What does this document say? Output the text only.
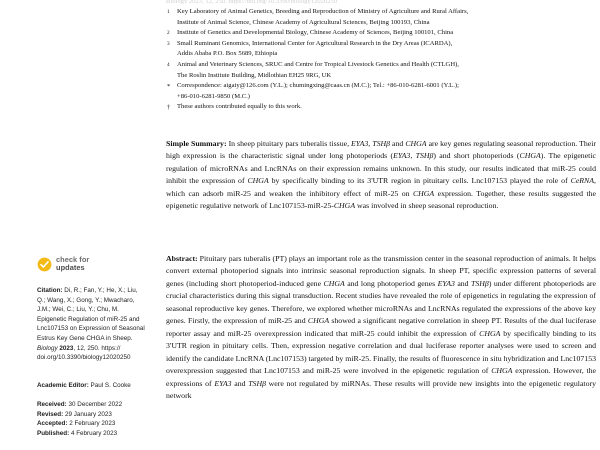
check for
updates
Citation: Di, R.; Fan, Y.; He, X.; Liu,
Q.; Wang, X.; Gong, Y.; Mwacharo,
J.M.; Wei, C.; Liu, Y.; Chu, M.
Epigenetic Regulation of miR-25 and
Lnc107153 on Expression of Seasonal
Estrus Key Gene CHGA in Sheep.
Biology 2023, 12, 250. https://
doi.org/10.3390/biology12020250
Academic Editor: Paul S. Cooke
Received: 30 December 2022
Revised: 29 January 2023
Accepted: 2 February 2023
Published: 4 February 2023
Biology 2023, 12, 250. https://doi.org/10.3390/biology12020250
1	Key Laboratory of Animal Genetics, Breeding and Reproduction of Ministry of Agriculture and Rural Affairs,
Institute of Animal Science, Chinese Academy of Agricultural Sciences, Beijing 100193, China
2	Institute of Genetics and Developmental Biology, Chinese Academy of Sciences, Beijing 100101, China
3	Small Ruminant Genomics, International Center for Agricultural Research in the Dry Areas (ICARDA),
Addis Ababa P.O. Box 5689, Ethiopia
4	Animal and Veterinary Sciences, SRUC and Centre for Tropical Livestock Genetics and Health (CTLGH),
The Roslin Institute Building, Midlothian EH25 9RG, UK
*	Correspondence: aigaiy@126.com (Y.L.); chumingxing@caas.cn (M.C.); Tel.: +86-010-6281-6001 (Y.L.);
+86-010-6281-9850 (M.C.)
†	These authors contributed equally to this work.
Simple Summary: In sheep pituitary pars tuberalis tissue, EYA3, TSHβ and CHGA are key genes regulating seasonal reproduction. Their high expression is the characteristic signal under long photoperiods (EYA3, TSHβ) and short photoperiods (CHGA). The epigenetic regulation of microRNAs and LncRNAs on their expression remains unknown. In this study, our results indicated that miR-25 could inhibit the expression of CHGA by specifically binding to its 3'UTR region in pituitary cells. Lnc107153 played the role of CeRNA, which can adsorb miR-25 and weaken the inhibitory effect of miR-25 on CHGA expression. Together, these results suggested the epigenetic regulative network of Lnc107153-miR-25-CHGA was involved in sheep seasonal reproduction.
Abstract: Pituitary pars tuberalis (PT) plays an important role as the transmission center in the seasonal reproduction of animals. It helps convert external photoperiod signals into intrinsic seasonal reproduction signals. In sheep PT, specific expression patterns of several genes (including short photoperiod-induced gene CHGA and long photoperiod genes EYA3 and TSHβ) under different photoperiods are crucial characteristics during this signal transduction. Recent studies have revealed the role of epigenetics in regulating the expression of seasonal reproductive key genes. Therefore, we explored whether microRNAs and LncRNAs regulated the expressions of the above key genes. Firstly, the expression of miR-25 and CHGA showed a significant negative correlation in sheep PT. Results of the dual luciferase reporter assay and miR-25 overexpression indicated that miR-25 could inhibit the expression of CHGA by specifically binding to its 3'UTR region in pituitary cells. Then, expression negative correlation and dual luciferase reporter analyses were used to screen and identify the candidate LncRNA (Lnc107153) targeted by miR-25. Finally, the results of fluorescence in situ hybridization and Lnc107153 overexpression suggested that Lnc107153 and miR-25 were involved in the epigenetic regulation of CHGA expression. However, the expressions of EYA3 and TSHβ were not regulated by miRNAs. These results will provide new insights into the epigenetic regulatory network
